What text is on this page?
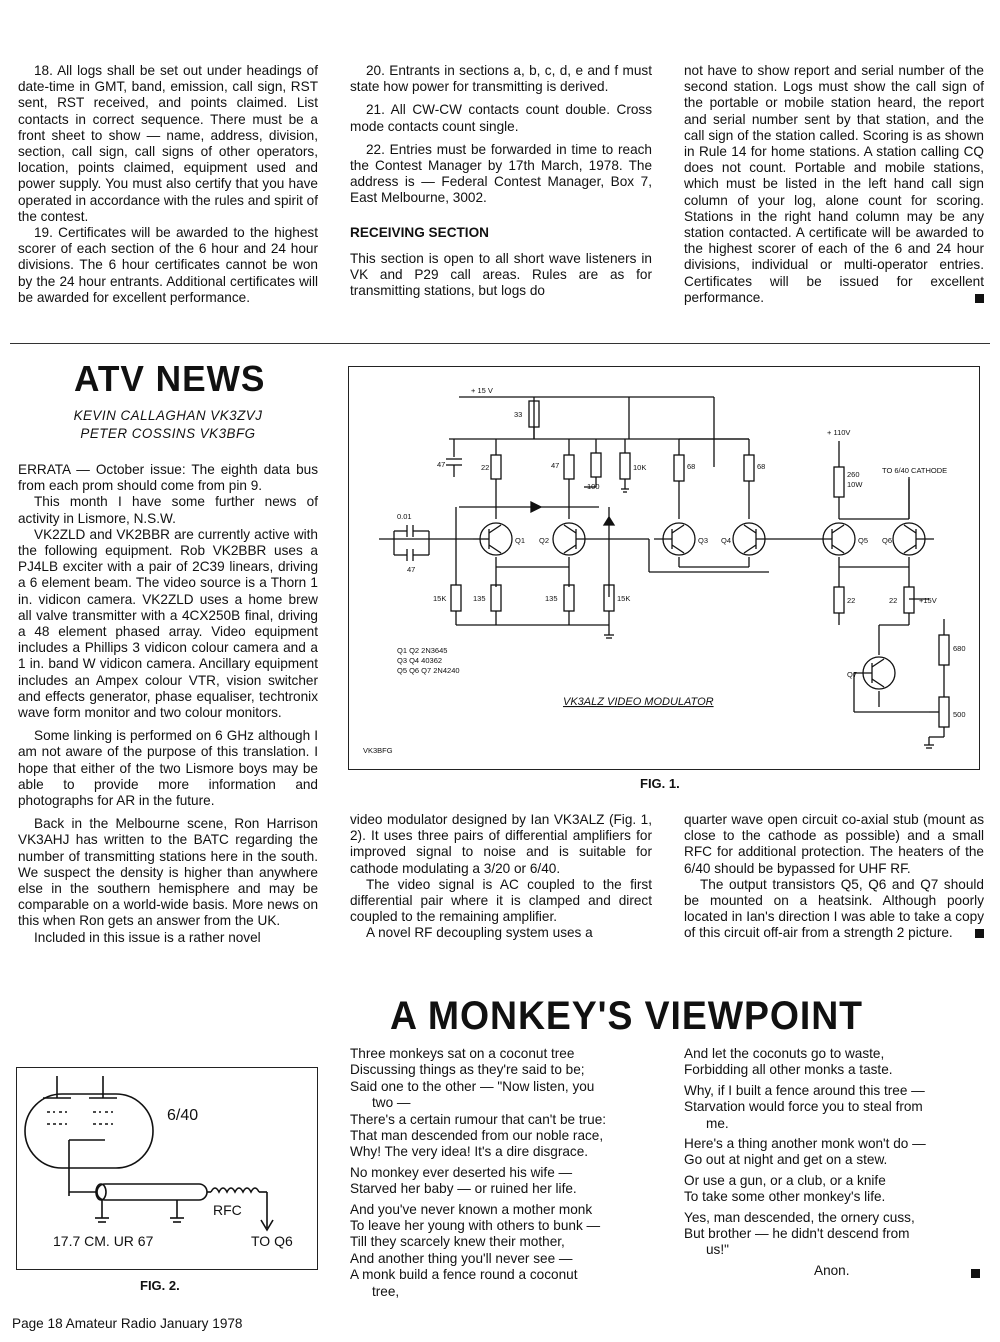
18. All logs shall be set out under headings of date-time in GMT, band, emission, call sign, RST sent, RST received, and points claimed. List contacts in correct sequence. There must be a front sheet to show — name, address, division, section, call sign, call signs of other operators, location, points claimed, equipment used and power supply. You must also certify that you have operated in accordance with the rules and spirit of the contest.

19. Certificates will be awarded to the highest scorer of each section of the 6 hour and 24 hour divisions. The 6 hour certificates cannot be won by the 24 hour entrants. Additional certificates will be awarded for excellent performance.

20. Entrants in sections a, b, c, d, e and f must state how power for transmitting is derived.

21. All CW-CW contacts count double. Cross mode contacts count single.

22. Entries must be forwarded in time to reach the Contest Manager by 17th March, 1978. The address is — Federal Contest Manager, Box 7, East Melbourne, 3002.

RECEIVING SECTION

This section is open to all short wave listeners in VK and P29 call areas. Rules are as for transmitting stations, but logs do

not have to show report and serial number of the second station. Logs must show the call sign of the portable or mobile station heard, the report and serial number sent by that station, and the call sign of the station called. Scoring is as shown in Rule 14 for home stations. A station calling CQ does not count. Portable and mobile stations, which must be listed in the left hand call sign column of your log, alone count for scoring. Stations in the right hand column may be any station contacted. A certificate will be awarded to the highest scorer of each of the 6 and 24 hour divisions, individual or multi-operator entries. Certificates will be issued for excellent performance.

ATV NEWS
KEVIN CALLAGHAN VK3ZVJ
PETER COSSINS VK3BFG

ERRATA — October issue: The eighth data bus from each prom should come from pin 9.

This month I have some further news of activity in Lismore, N.S.W.

VK2ZLD and VK2BBR are currently active with the following equipment. Rob VK2BBR uses a PJ4LB exciter with a pair of 2C39 linears, driving a 6 element beam. The video source is a Thorn 1 in. vidicon camera. VK2ZLD uses a home brew all valve transmitter with a 4CX250B final, driving a 48 element phased array. Video equipment includes a Phillips 3 vidicon colour camera and a 1 in. band W vidicon camera. Ancillary equipment includes an Ampex colour VTR, vision switcher and effects generator, phase equaliser, techtronix wave form monitor and two colour monitors.

Some linking is performed on 6 GHz although I am not aware of the purpose of this translation. I hope that either of the two Lismore boys may be able to provide more information and photographs for AR in the future.

Back in the Melbourne scene, Ron Harrison VK3AHJ has written to the BATC regarding the number of transmitting stations here in the south. We suspect the density is higher than anywhere else in the southern hemisphere and may be comparable on a world-wide basis. More news on this when Ron gets an answer from the UK.

Included in this issue is a rather novel

+ 15 V
+ 110V
TO 6/40 CATHODE
33
22	47
100
10K	68	68
260
10W
0.01
47
47
Q1 Q2	Q3 Q4	Q5 Q6
Q7
15K	135	135	15K	22	22	+15V
680
500
Q1 Q2 2N3645
Q3 Q4 40362
Q5 Q6 Q7 2N4240
VK3BFG
VK3ALZ VIDEO MODULATOR
FIG. 1.

video modulator designed by Ian VK3ALZ (Fig. 1, 2). It uses three pairs of differential amplifiers for improved signal to noise and is suitable for cathode modulating a 3/20 or 6/40.

The video signal is AC coupled to the first differential pair where it is clamped and direct coupled to the remaining amplifier.

A novel RF decoupling system uses a

quarter wave open circuit co-axial stub (mount as close to the cathode as possible) and a small RFC for additional protection. The heaters of the 6/40 should be bypassed for UHF RF.

The output transistors Q5, Q6 and Q7 should be mounted on a heatsink. Although poorly located in Ian's direction I was able to take a copy of this circuit off-air from a strength 2 picture.

6/40
RFC
17.7 CM. UR 67	TO Q6
FIG. 2.
A MONKEY'S VIEWPOINT
Three monkeys sat on a coconut tree
Discussing things as they're said to be;
Said one to the other — "Now listen, you
two —
There's a certain rumour that can't be true:
That man descended from our noble race,
Why! The very idea! It's a dire disgrace.
No monkey ever deserted his wife —
Starved her baby — or ruined her life.
And you've never known a mother monk
To leave her young with others to bunk —
Till they scarcely knew their mother,
And another thing you'll never see —
A monk build a fence round a coconut
tree,
And let the coconuts go to waste,
Forbidding all other monks a taste.
Why, if I built a fence around this tree —
Starvation would force you to steal from
me.
Here's a thing another monk won't do —
Go out at night and get on a stew.
Or use a gun, or a club, or a knife
To take some other monkey's life.
Yes, man descended, the ornery cuss,
But brother — he didn't descend from
us!"
Anon.
Page 18 Amateur Radio January 1978
